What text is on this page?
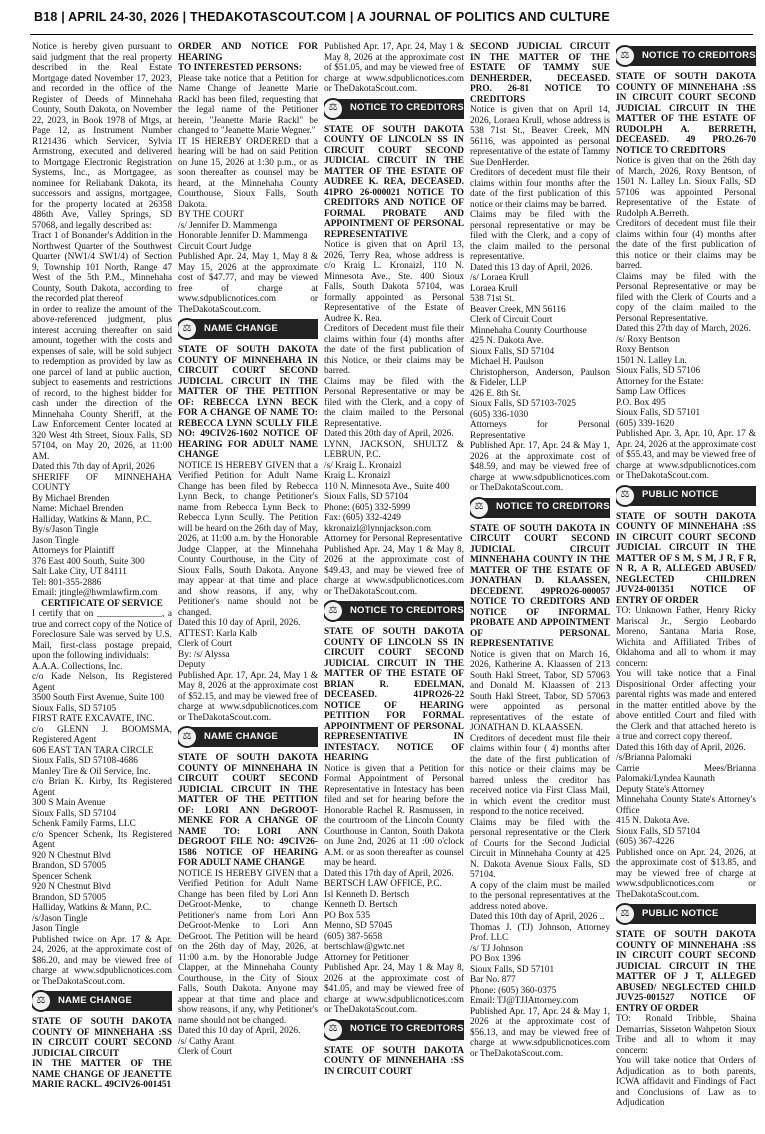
B18 | APRIL 24-30, 2026 | THEDAKOTASCOUT.COM | A JOURNAL OF POLITICS AND CULTURE

Notice is hereby given pursuant to said judgment that the real property described in the Real Estate Mortgage dated November 17, 2023, and recorded in the office of the Register of Deeds of Minnehaha County, South Dakota, on November 22, 2023, in Book 1978 of Mtgs, at Page 12, as Instrument Number R121436 which Servicer, Sylvia Armstrong, executed and delivered to Mortgage Electronic Registration Systems, Inc., as Mortgagee, as nominee for Reliabank Dakota, its successors and assigns, mortgagee, for the property located at 26358 486th Ave, Valley Springs, SD 57068, and legally described as:

Tract 1 of Bonander's Addition in the Northwest Quarter of the Southwest Quarter (NW1/4 SW1/4) of Section 9, Township 101 North, Range 47 West of the 5th P.M., Minnehaha County, South Dakota, according to the recorded plat thereof

in order to realize the amount of the above-referenced judgment, plus interest accruing thereafter on said amount, together with the costs and expenses of sale, will be sold subject to redemption as provided by law as one parcel of land at public auction, subject to easements and restrictions of record, to the highest bidder for cash under the direction of the Minnehaha County Sheriff, at the Law Enforcement Center located at 320 West 4th Street, Sioux Falls, SD 57104, on May 20, 2026, at 11:00 AM.

Dated this 7th day of April, 2026

SHERIFF OF MINNEHAHA COUNTY

By Michael Brenden

Name: Michael Brenden

Halliday, Watkins & Mann, P.C.

By/s/Jason Tingle

Jason Tingle

Attorneys for Plaintiff

376 East 400 South, Suite 300

Salt Lake City, UT 84111

Tel: 801-355-2886

Email: jtingle@hwmlawfirm.com

CERTIFICATE OF SERVICE

I certify that on ______________, a true and correct copy of the Notice of Foreclosure Sale was served by U.S. Mail, first-class postage prepaid, upon the following individuals:

A.A.A. Collections, Inc.

c/o Kade Nelson, Its Registered Agent

3500 South First Avenue, Suite 100

Sioux Falls, SD 57105

FIRST RATE EXCAVATE, INC.

c/o GLENN J. BOOMSMA, Registered Agent

606 EAST TAN TARA CIRCLE

Sioux Falls, SD 57108-4686

Manley Tire & Oil Service, Inc.

c/o Brian K. Kirby, Its Registered Agent

300 S Main Avenue

Sioux Falls, SD 57104

Schenk Family Farms, LLC

c/o Spencer Schenk, Its Registered Agent

920 N Chestnut Blvd

Brandon, SD 57005

Spencer Schenk

920 N Chestnut Blvd

Brandon, SD 57005

Halliday, Watkins & Mann, P.C.

/s/Jason Tingle

Jason Tingle

Published twice on Apr. 17 & Apr. 24, 2026, at the approximate cost of $86.20, and may be viewed free of charge at www.sdpublicnotices.com or TheDakotaScout.com.

⚖	NAME CHANGE

STATE OF SOUTH DAKOTA COUNTY OF MINNEHAHA :SS IN CIRCUIT COURT SECOND JUDICIAL CIRCUIT

IN THE MATTER OF THE NAME CHANGE OF JEANETTE MARIE RACKL. 49CIV26-001451

ORDER AND NOTICE FOR HEARING

TO INTERESTED PERSONS:

Please take notice that a Petition for Name Change of Jeanette Marie Rackl has been filed, requesting that the legal name of the Petitioner herein, "Jeanette Marie Rackl" be changed to "Jeanette Marie Wegner."

IT IS HEREBY ORDERED that a hearing will be had on said Petition on June 15, 2026 at 1:30 p.m., or as soon thereafter as counsel may be heard, at the Minnehaha County Courthouse, Sioux Falls, South Dakota.

BY THE COURT

/s/ Jennifer D. Mammenga

Honorable Jennifer D. Mammenga

Circuit Court Judge

Published Apr. 24, May 1, May 8 & May 15, 2026 at the approximate cost of $47.77, and may be viewed free of charge at www.sdpublicnotices.com or TheDakotaScout.com.

⚖	NAME CHANGE

STATE OF SOUTH DAKOTA COUNTY OF MINNEHAHA IN CIRCUIT COURT SECOND JUDICIAL CIRCUIT IN THE MATTER OF THE PETITION OF: REBECCA LYNN BECK FOR A CHANGE OF NAME TO: REBECCA LYNN SCULLY FILE NO: 49CIV26-1602 NOTICE OF HEARING FOR ADULT NAME CHANGE

NOTICE IS HEREBY GIVEN that a Verified Petition for Adult Name Change has been filed by Rebecca Lynn Beck, to change Petitioner's name from Rebecca Lynn Beck to Rebecca Lynn Scully. The Petition will be heard on the 26th day of May, 2026, at 11:00 a.m. by the Honorable Judge Clapper, at the Minnehaha County Courthouse, in the City of Sioux Falls, South Dakota. Anyone may appear at that time and place and show reasons, if any, why Petitioner's name should not be changed.

Dated this 10 day of April, 2026.

ATTEST: Karla Kalb

Clerk of Court

By: /s/ Alyssa

Deputy

Published Apr. 17, Apr. 24, May 1 & May 8, 2026 at the approximate cost of $52.15, and may be viewed free of charge at www.sdpublicnotices.com or TheDakotaScout.com.

⚖	NAME CHANGE

STATE OF SOUTH DAKOTA COUNTY OF MINNEHAHA IN CIRCUIT COURT SECOND JUDICIAL CIRCUIT IN THE MATTER OF THE PETITION OF: LORI ANN DeGROOT-MENKE FOR A CHANGE OF NAME TO: LORI ANN DEGROOT FILE NO: 49CIV26-1586 NOTICE OF HEARING FOR ADULT NAME CHANGE

NOTICE IS HEREBY GIVEN that a Verified Petition for Adult Name Change has been filed by Lori Ann DeGroot-Menke, to change Petitioner's name from Lori Ann DeGroot-Menke to Lori Ann DeGroot. The Petition will be heard on the 26th day of May, 2026, at 11:00 a.m. by the Honorable Judge Clapper, at the Minnehaha County Courthouse, in the City of Sioux Falls, South Dakota. Anyone may appear at that time and place and show reasons, if any, why Petitioner's name should not be changed.

Dated this 10 day of April, 2026.

/s/ Cathy Arant

Clerk of Court

Published Apr. 17, Apr. 24, May 1 & May 8, 2026 at the approximate cost of $51.05, and may be viewed free of charge at www.sdpublicnotices.com or TheDakotaScout.com.

⚖	NOTICE TO CREDITORS

STATE OF SOUTH DAKOTA COUNTY OF LINCOLN SS IN CIRCUIT COURT SECOND JUDICIAL CIRCUIT IN THE MATTER OF THE ESTATE OF AUDREE K. REA, DECEASED. 41PRO 26-000021 NOTICE TO CREDITORS AND NOTICE OF FORMAL PROBATE AND APPOINTMENT OF PERSONAL REPRESENTATIVE

Notice is given that on April 13, 2026, Terry Rea, whose address is c/o Kraig L. Kronaizl, 110 N. Minnesota Ave., Ste. 400 Sioux Falls, South Dakota 57104, was formally appointed as Personal Representative of the Estate of Audree K. Rea.

Creditors of Decedent must file their claims within four (4) months after the date of the first publication of this Notice, or their claims may be barred.

Claims may be filed with the Personal Representative or may be filed with the Clerk, and a copy of the claim mailed to the Personal Representative.

Dated this 20th day of April, 2026.

LYNN, JACKSON, SHULTZ & LEBRUN, P.C.

/s/ Kraig L. Kronaizl

Kraig L. Kronaizl

110 N. Minnesota Ave., Suite 400

Sioux Falls, SD 57104

Phone: (605) 332-5999

Fax: (605) 332-4249

kkronaizl@lynnjackson.com

Attorney for Personal Representative

Published Apr. 24, May 1 & May 8, 2026 at the approximate cost of $49.43, and may be viewed free of charge at www.sdpublicnotices.com or TheDakotaScout.com.

⚖	NOTICE TO CREDITORS

STATE OF SOUTH DAKOTA COUNTY OF LINCOLN SS IN CIRCUIT COURT SECOND JUDICIAL CIRCUIT IN THE MATTER OF THE ESTATE OF BRIAN R. EDELMAN, DECEASED. 41PRO26-22 NOTICE OF HEARING PETITION FOR FORMAL APPOINTMENT OF PERSONAL REPRESENTATIVE IN INTESTACY. NOTICE OF HEARING

Notice is given that a Petition for Formal Appointment of Personal Representative in Intestacy has been filed and set for hearing before the Honorable Rachel R. Rasmussen, in the courtroom of the Lincoln County Courthouse in Canton, South Dakota on June 2nd, 2026 at 11 :00 o'clock A.M. or as soon thereafter as counsel may be heard.

Dated this 17th day of April, 2026.

BERTSCH LAW OFFICE, P.C.

Isl Kenneth D. Bertsch

Kenneth D. Bertsch

PO Box 535

Menno, SD 57045

(605) 387-5658

bertschlaw@gwtc.net

Attorney for Petitioner

Published Apr. 24, May 1 & May 8, 2026 at the approximate cost of $41.05, and may be viewed free of charge at www.sdpublicnotices.com or TheDakotaScout.com.

⚖	NOTICE TO CREDITORS

STATE OF SOUTH DAKOTA COUNTY OF MINNEHAHA :SS IN CIRCUIT COURT

SECOND JUDICIAL CIRCUIT IN THE MATTER OF THE ESTATE OF TAMMY SUE DENHERDER, DECEASED. PRO. 26-81 NOTICE TO CREDITORS

Notice is given that on April 14, 2026, Loraea Krull, whose address is 538 71st St., Beaver Creek, MN 56116, was appointed as personal representative of the estate of Tammy Sue DenHerder.

Creditors of decedent must file their claims within four months after the date of the first publication of this notice or their claims may be barred.

Claims may be filed with the personal representative or may be filed with the Clerk, and a copy of the claim mailed to the personal representative.

Dated this 13 day of April, 2026.

/s/ Loraea Krull

Loraea Krull

538 71st St.

Beaver Creek, MN 56116

Clerk of Circuit Court

Minnehaha County Courthouse

425 N. Dakota Ave.

Sioux Falls, SD 57104

Michael H. Paulson

Christopherson, Anderson, Paulson & Fideler, LLP

426 E. 8th St.

Sioux Falls, SD 57103-7025

(605) 336-1030

Attorneys for Personal Representative

Published Apr. 17, Apr. 24 & May 1, 2026 at the approximate cost of $48.59, and may be viewed free of charge at www.sdpublicnotices.com or TheDakotaScout.com.

⚖	NOTICE TO CREDITORS

STATE OF SOUTH DAKOTA IN CIRCUIT COURT SECOND JUDICIAL CIRCUIT MINNEHAHA COUNTY IN THE MATTER OF THE ESTATE OF JONATHAN D. KLAASSEN, DECEDENT. 49PRO26-000057 NOTICE TO CREDITORS AND NOTICE OF INFORMAL PROBATE AND APPOINTMENT OF PERSONAL REPRESENTATIVE

Notice is given that on March 16, 2026, Katherine A. Klaassen of 213 South Hakl Street, Tabor, SD 57063 and Donald M. Klaassen of 213 South Hakl Street, Tabor, SD 57063 were appointed as personal representatives of the estate of JONATHAN D. KLAASSEN.

Creditors of decedent must file their claims within four ( 4) months after the date of the first publication of this notice or their claims may be barred unless the creditor has received notice via First Class Mail, in which event the creditor must respond to the notice received.

Claims may be filed with the personal representative or the Clerk of Courts for the Second Judicial Circuit in Minnehaha County at 425 N. Dakota Avenue Sioux Falls, SD 57104.

A copy of the claim must be mailed to the personal representatives at the address noted above.

Dated this 10th day of April, 2026 ..

Thomas J. (TJ) Johnson, Attorney Prof. LLC

/s/ TJ Johnson

PO Box 1396

Sioux Falls, SD 57101

Bar No. 877

Phone: (605) 360-0375

Email: TJ@TJJAttorney.com

Published Apr. 17, Apr. 24 & May 1, 2026 at the approximate cost of $56.13, and may be viewed free of charge at www.sdpublicnotices.com or TheDakotaScout.com.

⚖	NOTICE TO CREDITORS

STATE OF SOUTH DAKOTA COUNTY OF MINNEHAHA :SS IN CIRCUIT COURT SECOND JUDICIAL CIRCUIT IN THE MATTER OF THE ESTATE OF RUDOLPH A. BERRETH, DECEASED. 49 PRO.26-70 NOTICE TO CREDITORS

Notice is given that on the 26th day of March, 2026, Roxy Bentson, of 1501 N. Lalley Ln. Sioux Falls, SD 57106 was appointed Personal Representative of the Estate of Rudolph A.Berreth.

Creditors of decedent must file their claims within four (4) months after the date of the first publication of this notice or their claims may be barred.

Claims may be filed with the Personal Representative or may be filed with the Clerk of Courts and a copy of the claim mailed to the Personal Representative.

Dated this 27th day of March, 2026.

/s/ Roxy Bentson

Roxy Bentson

1501 N. Lalley Ln.

Sioux Falls, SD 57106

Attorney for the Estate:

Samp Law Offices

P.O. Box 495

Sioux Falls, SD 57101

(605) 339-1620

Published Apr. 3, Apr. 10, Apr. 17 & Apr. 24, 2026 at the approximate cost of $55.43, and may be viewed free of charge at www.sdpublicnotices.com or TheDakotaScout.com.

⚖	PUBLIC NOTICE

STATE OF SOUTH DAKOTA COUNTY OF MINNEHAHA :SS IN CIRCUIT COURT SECOND JUDICIAL CIRCUIT IN THE MATTER OF S M, S M, J R, F R, N R, A R, ALLEGED ABUSED/ NEGLECTED CHILDREN JUV24-001351 NOTICE OF ENTRY OF ORDER

TO: Unknown Father, Henry Ricky Mariscal Jr., Sergio Leobardo Moreno, Santana Maria Rose, Wichita and Affiliated Tribes of Oklahoma and all to whom it may concern:

You will take notice that a Final Dispositional Order affecting your parental rights was made and entered in the matter entitled above by the above entitled Court and filed with the Clerk and that attached hereto is a true and correct copy thereof.

Dated this 16th day of April, 2026.

/s/Brianna Palomaki

Carrie Mees/Brianna Palomaki/Lyndea Kaunath

Deputy State's Attorney

Minnehaha County State's Attorney's Office

415 N. Dakota Ave.

Sioux Falls, SD 57104

(605) 367-4226

Published once on Apr. 24, 2026, at the approximate cost of $13.85, and may be viewed free of charge at www.sdpublicnotices.com or TheDakotaScout.com.

⚖	PUBLIC NOTICE

STATE OF SOUTH DAKOTA COUNTY OF MINNEHAHA :SS IN CIRCUIT COURT SECOND JUDICIAL CIRCUIT IN THE MATTER OF J T, ALLEGED ABUSED/ NEGLECTED CHILD JUV25-001527 NOTICE OF ENTRY OF ORDER

TO: Ronald Tribble, Shaina Demarrias, Sisseton Wahpeton Sioux Tribe and all to whom it may concern:

You will take notice that Orders of Adjudication as to both parents, ICWA affidavit and Findings of Fact and Conclusions of Law as to Adjudication
